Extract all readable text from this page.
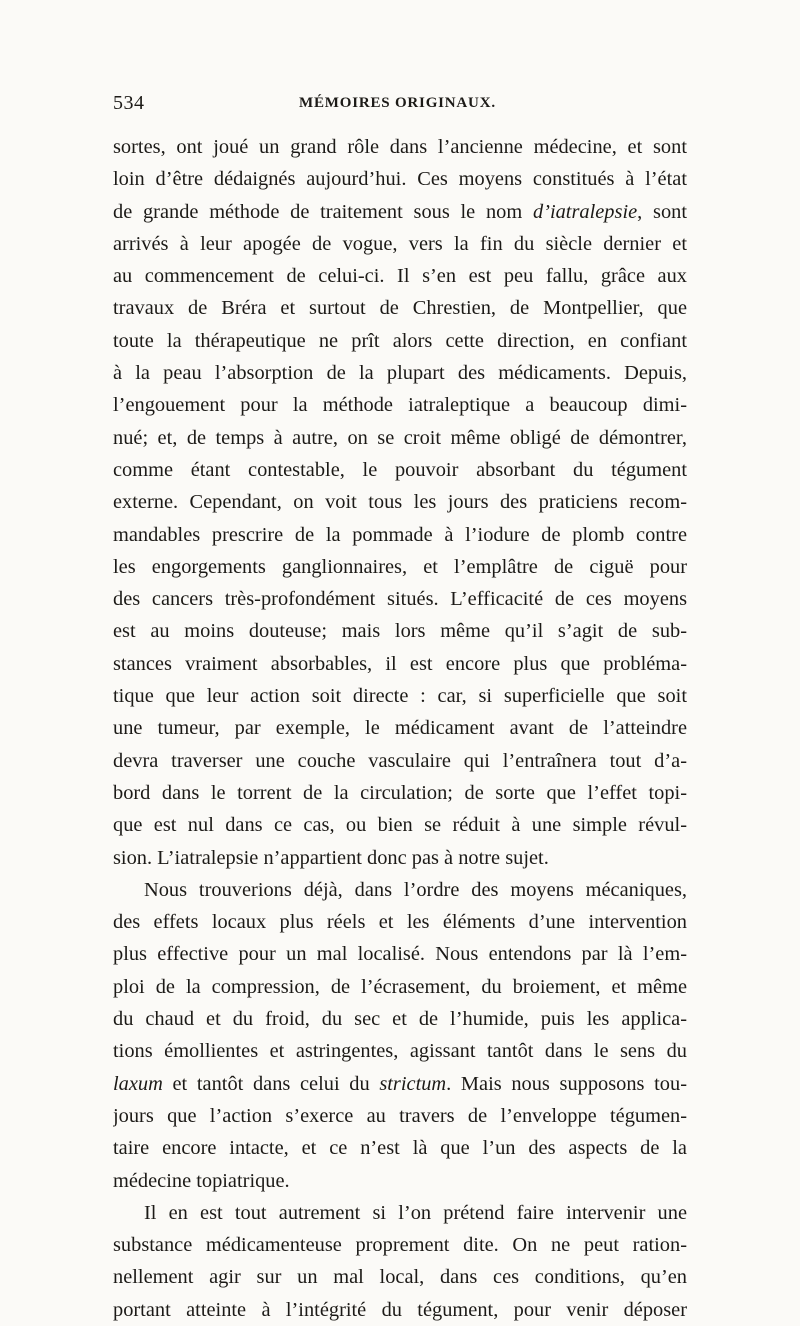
534	MÉMOIRES ORIGINAUX.
sortes, ont joué un grand rôle dans l’ancienne médecine, et sont
loin d’être dédaignés aujourd’hui. Ces moyens constitués à l’état
de grande méthode de traitement sous le nom d’iatralepsie, sont
arrivés à leur apogée de vogue, vers la fin du siècle dernier et
au commencement de celui-ci. Il s’en est peu fallu, grâce aux
travaux de Bréra et surtout de Chrestien, de Montpellier, que
toute la thérapeutique ne prît alors cette direction, en confiant
à la peau l’absorption de la plupart des médicaments. Depuis,
l’engouement pour la méthode iatraleptique a beaucoup dimi-
nué; et, de temps à autre, on se croit même obligé de démontrer,
comme étant contestable, le pouvoir absorbant du tégument
externe. Cependant, on voit tous les jours des praticiens recom-
mandables prescrire de la pommade à l’iodure de plomb contre
les engorgements ganglionnaires, et l’emplâtre de ciguë pour
des cancers très-profondément situés. L’efficacité de ces moyens
est au moins douteuse; mais lors même qu’il s’agit de sub-
stances vraiment absorbables, il est encore plus que probléma-
tique que leur action soit directe : car, si superficielle que soit
une tumeur, par exemple, le médicament avant de l’atteindre
devra traverser une couche vasculaire qui l’entraînera tout d’a-
bord dans le torrent de la circulation; de sorte que l’effet topi-
que est nul dans ce cas, ou bien se réduit à une simple révul-
sion. L’iatralepsie n’appartient donc pas à notre sujet.
Nous trouverions déjà, dans l’ordre des moyens mécaniques,
des effets locaux plus réels et les éléments d’une intervention
plus effective pour un mal localisé. Nous entendons par là l’em-
ploi de la compression, de l’écrasement, du broiement, et même
du chaud et du froid, du sec et de l’humide, puis les applica-
tions émollientes et astringentes, agissant tantôt dans le sens du
laxum et tantôt dans celui du strictum. Mais nous supposons tou-
jours que l’action s’exerce au travers de l’enveloppe tégumen-
taire encore intacte, et ce n’est là que l’un des aspects de la
médecine topiatrique.
Il en est tout autrement si l’on prétend faire intervenir une
substance médicamenteuse proprement dite. On ne peut ration-
nellement agir sur un mal local, dans ces conditions, qu’en
portant atteinte à l’intégrité du tégument, pour venir déposer
